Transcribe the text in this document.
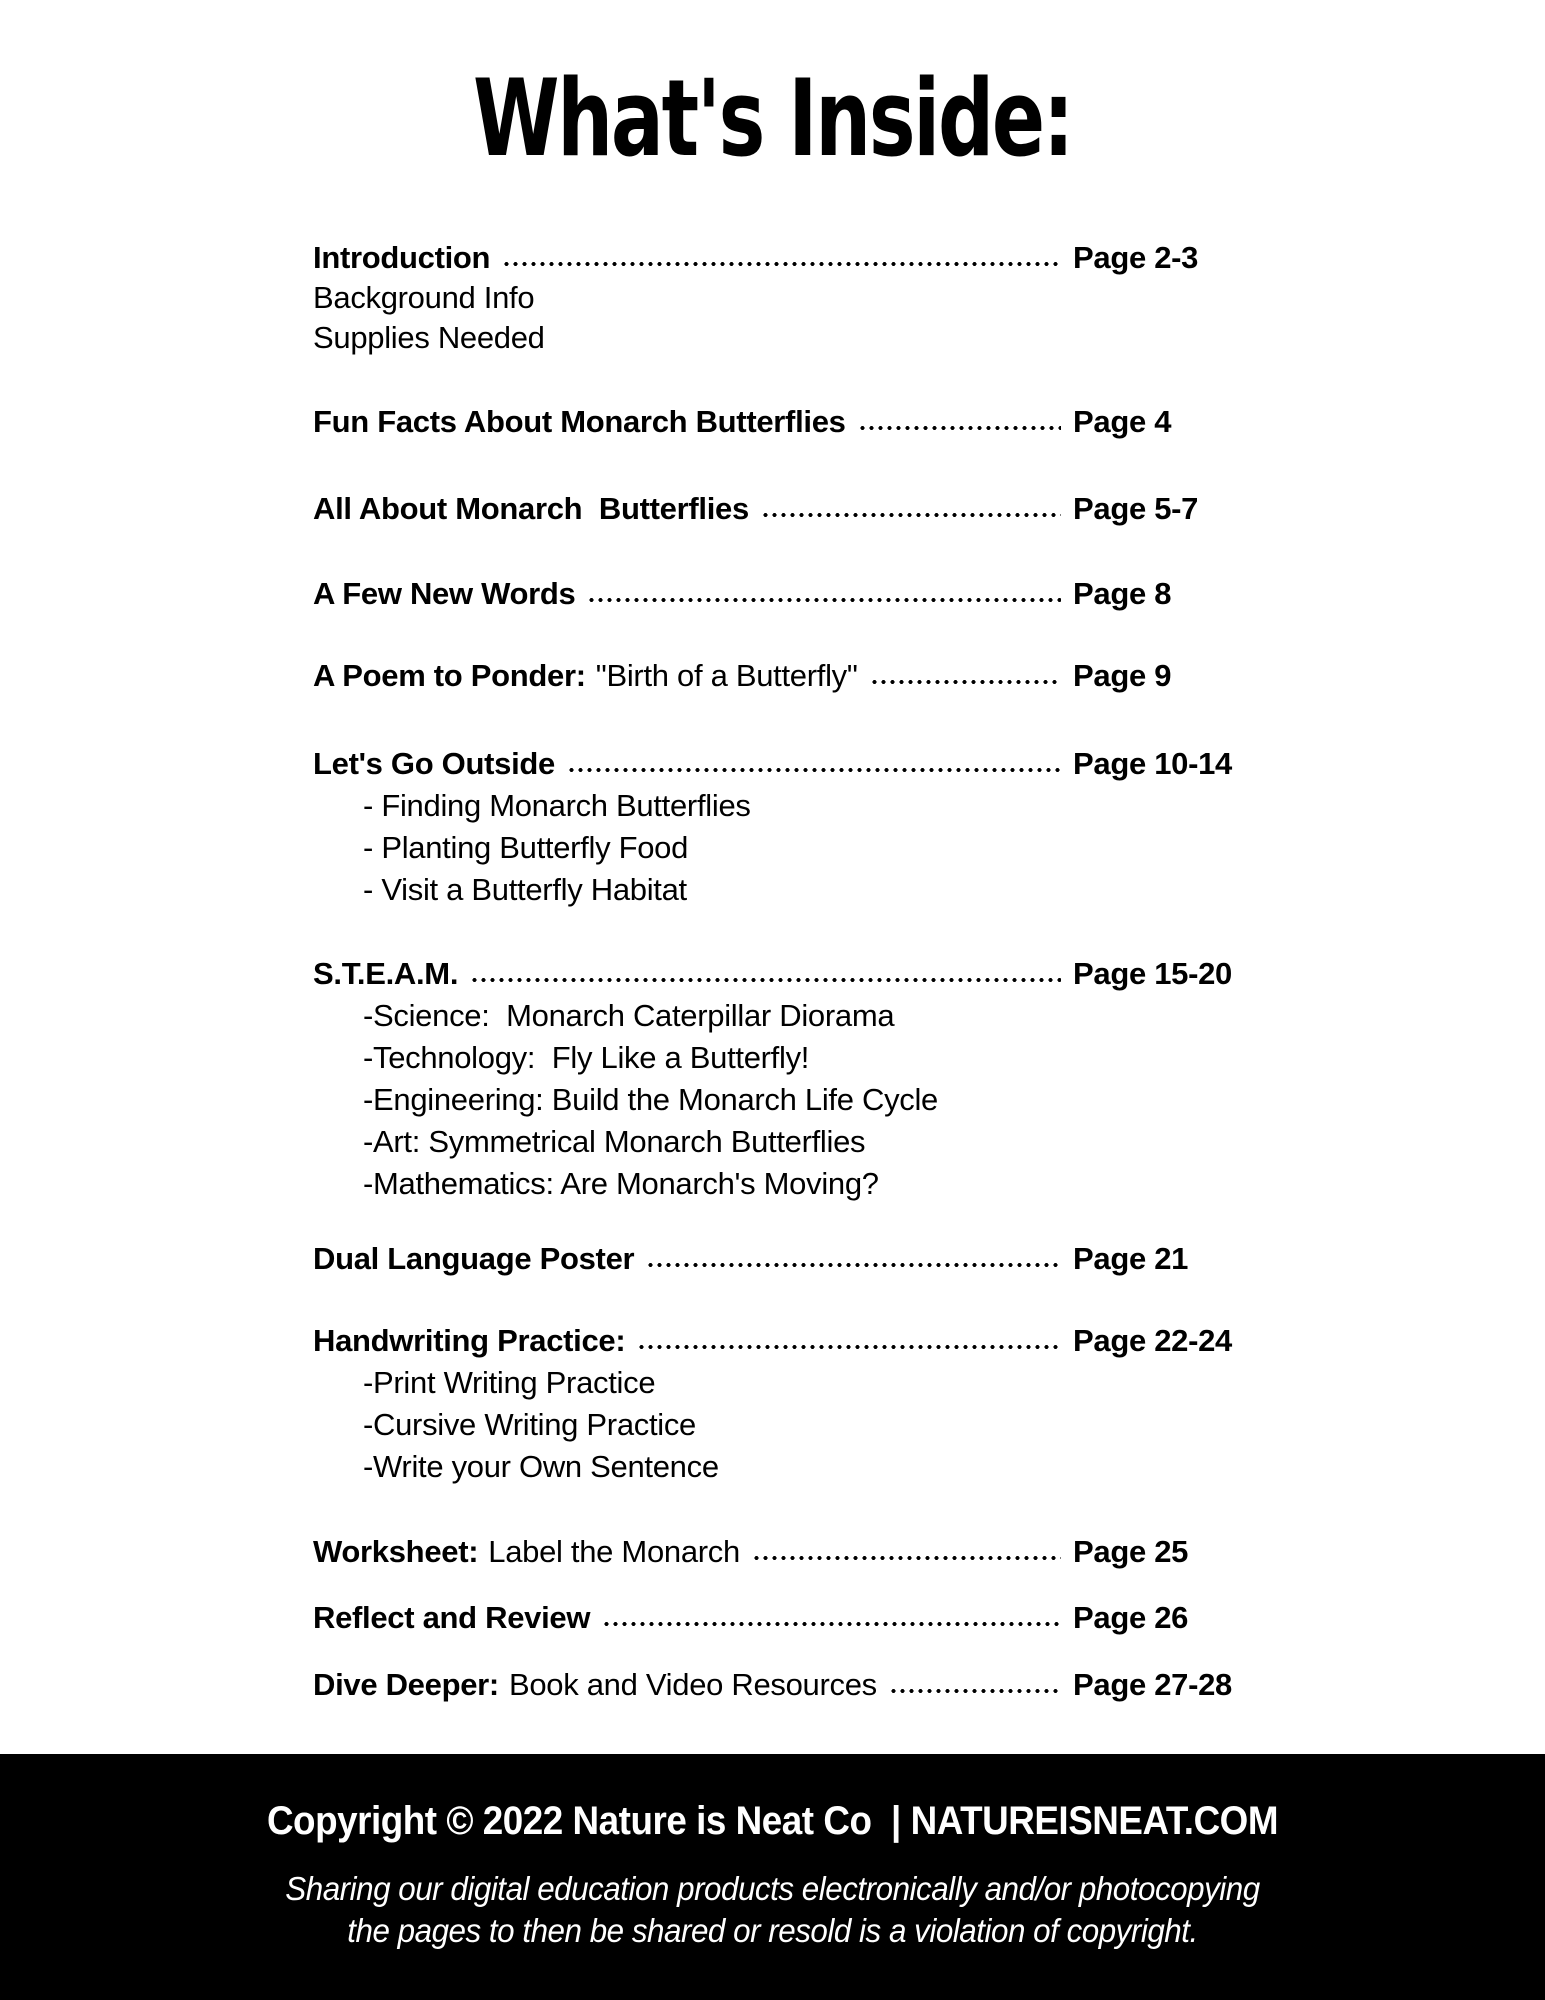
What's Inside:
Introduction	Page 2-3
Background Info
Supplies Needed
Fun Facts About Monarch Butterflies	Page 4
All About Monarch  Butterflies	Page 5-7
A Few New Words	Page 8
A Poem to Ponder: "Birth of a Butterfly"	Page 9
Let's Go Outside	Page 10-14
- Finding Monarch Butterflies
- Planting Butterfly Food
- Visit a Butterfly Habitat
S.T.E.A.M.	Page 15-20
-Science:  Monarch Caterpillar Diorama
-Technology:  Fly Like a Butterfly!
-Engineering: Build the Monarch Life Cycle
-Art: Symmetrical Monarch Butterflies
-Mathematics: Are Monarch's Moving?
Dual Language Poster	Page 21
Handwriting Practice:	Page 22-24
-Print Writing Practice
-Cursive Writing Practice
-Write your Own Sentence
Worksheet: Label the Monarch	Page 25
Reflect and Review	Page 26
Dive Deeper: Book and Video Resources	Page 27-28
Copyright © 2022 Nature is Neat Co  | NATUREISNEAT.COM
Sharing our digital education products electronically and/or photocopying
the pages to then be shared or resold is a violation of copyright.
